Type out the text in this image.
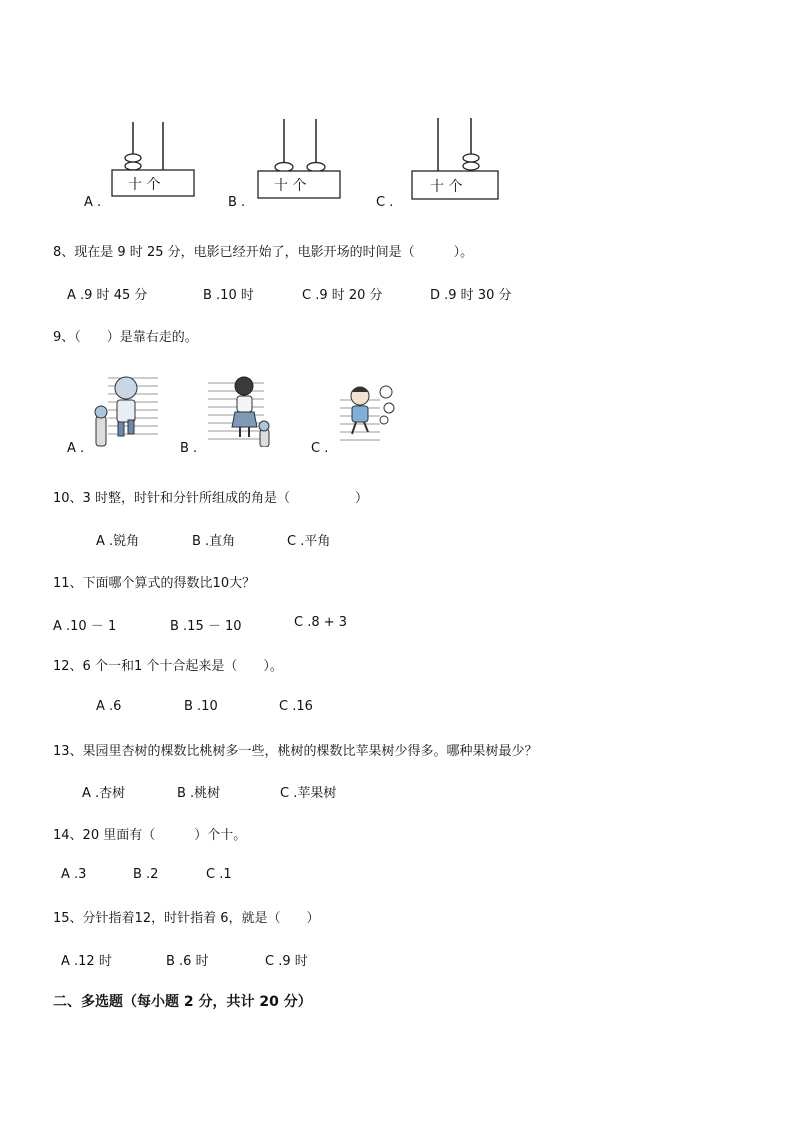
十 个	十 个	十 个
A .	B .	C .
8、现在是 9 时 25 分，电影已经开始了，电影开场的时间是（　　　）。
A .9 时 45 分	B .10 时	C .9 时 20 分	D .9 时 30 分
9、（　　）是靠右走的。
A .	B .	C .
10、3 时整，时针和分针所组成的角是（　　　　　）
A .锐角	B .直角	C .平角
11、下面哪个算式的得数比10大？
A .10 － 1	B .15 － 10	C .8 + 3
12、6 个一和1 个十合起来是（　　）。
A .6	B .10	C .16
13、果园里杏树的棵数比桃树多一些，桃树的棵数比苹果树少得多。哪种果树最少？
A .杏树	B .桃树	C .苹果树
14、20 里面有（　　　）个十。
A .3	B .2	C .1
15、分针指着12，时针指着 6，就是（　　）
A .12 时	B .6 时	C .9 时
二、多选题（每小题 2 分，共计 20 分）
